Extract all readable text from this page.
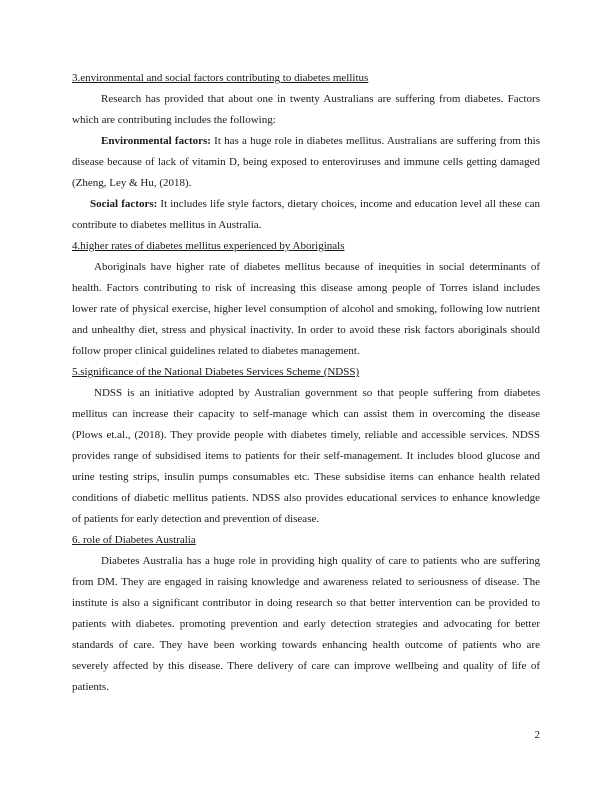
3.environmental and social factors contributing to diabetes mellitus

Research has provided that about one in twenty Australians are suffering from diabetes. Factors which are contributing includes the following:

Environmental factors: It has a huge role in diabetes mellitus. Australians are suffering from this disease because of lack of vitamin D, being exposed to enteroviruses and immune cells getting damaged (Zheng, Ley & Hu, (2018).

Social factors: It includes life style factors, dietary choices, income and education level all these can contribute to diabetes mellitus in Australia.

4.higher rates of diabetes mellitus experienced by Aboriginals

Aboriginals have higher rate of diabetes mellitus because of inequities in social determinants of health. Factors contributing to risk of increasing this disease among people of Torres island includes lower rate of physical exercise, higher level consumption of alcohol and smoking, following low nutrient and unhealthy diet, stress and physical inactivity. In order to avoid these risk factors aboriginals should follow proper clinical guidelines related to diabetes management.

5.significance of the National Diabetes Services Scheme (NDSS)

NDSS is an initiative adopted by Australian government so that people suffering from diabetes mellitus can increase their capacity to self-manage which can assist them in overcoming the disease (Plows et.al., (2018). They provide people with diabetes timely, reliable and accessible services. NDSS provides range of subsidised items to patients for their self-management. It includes blood glucose and urine testing strips, insulin pumps consumables etc. These subsidise items can enhance health related conditions of diabetic mellitus patients. NDSS also provides educational services to enhance knowledge of patients for early detection and prevention of disease.

6. role of Diabetes Australia

Diabetes Australia has a huge role in providing high quality of care to patients who are suffering from DM. They are engaged in raising knowledge and awareness related to seriousness of disease. The institute is also a significant contributor in doing research so that better intervention can be provided to patients with diabetes. promoting prevention and early detection strategies and advocating for better standards of care. They have been working towards enhancing health outcome of patients who are severely affected by this disease. There delivery of care can improve wellbeing and quality of life of patients.

2
